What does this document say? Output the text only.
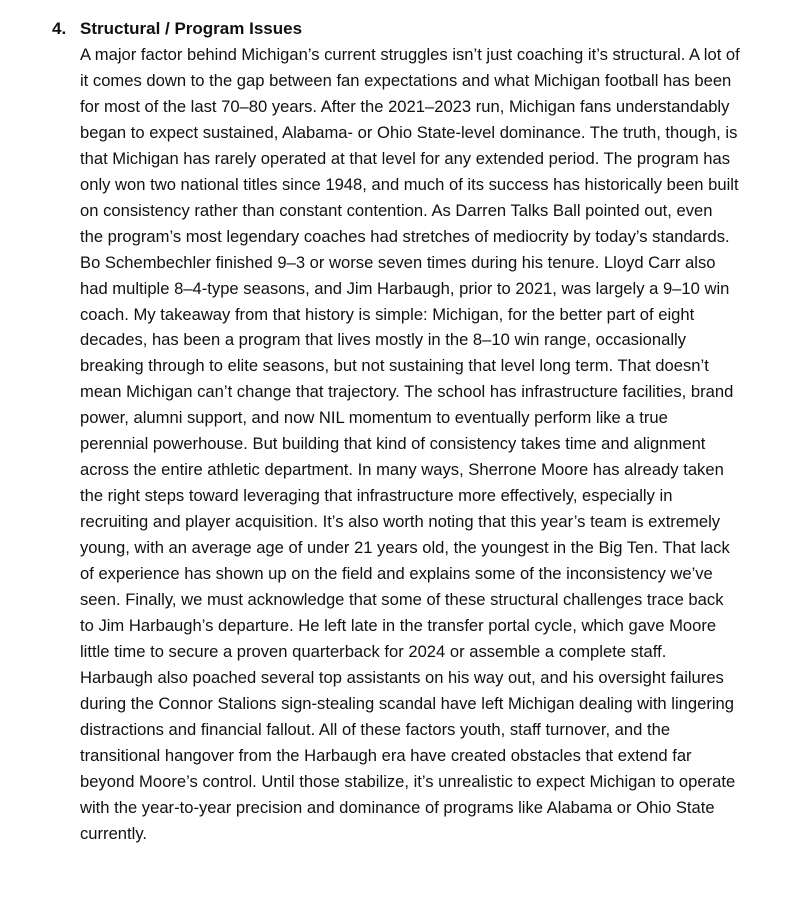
4. Structural / Program Issues

A major factor behind Michigan’s current struggles isn’t just coaching it’s structural. A lot of it comes down to the gap between fan expectations and what Michigan football has been for most of the last 70–80 years. After the 2021–2023 run, Michigan fans understandably began to expect sustained, Alabama- or Ohio State-level dominance. The truth, though, is that Michigan has rarely operated at that level for any extended period. The program has only won two national titles since 1948, and much of its success has historically been built on consistency rather than constant contention. As Darren Talks Ball pointed out, even the program’s most legendary coaches had stretches of mediocrity by today’s standards. Bo Schembechler finished 9–3 or worse seven times during his tenure. Lloyd Carr also had multiple 8–4-type seasons, and Jim Harbaugh, prior to 2021, was largely a 9–10 win coach. My takeaway from that history is simple: Michigan, for the better part of eight decades, has been a program that lives mostly in the 8–10 win range, occasionally breaking through to elite seasons, but not sustaining that level long term. That doesn’t mean Michigan can’t change that trajectory. The school has infrastructure facilities, brand power, alumni support, and now NIL momentum to eventually perform like a true perennial powerhouse. But building that kind of consistency takes time and alignment across the entire athletic department. In many ways, Sherrone Moore has already taken the right steps toward leveraging that infrastructure more effectively, especially in recruiting and player acquisition. It’s also worth noting that this year’s team is extremely young, with an average age of under 21 years old, the youngest in the Big Ten. That lack of experience has shown up on the field and explains some of the inconsistency we’ve seen. Finally, we must acknowledge that some of these structural challenges trace back to Jim Harbaugh’s departure. He left late in the transfer portal cycle, which gave Moore little time to secure a proven quarterback for 2024 or assemble a complete staff. Harbaugh also poached several top assistants on his way out, and his oversight failures during the Connor Stalions sign-stealing scandal have left Michigan dealing with lingering distractions and financial fallout. All of these factors youth, staff turnover, and the transitional hangover from the Harbaugh era have created obstacles that extend far beyond Moore’s control. Until those stabilize, it’s unrealistic to expect Michigan to operate with the year-to-year precision and dominance of programs like Alabama or Ohio State currently.
